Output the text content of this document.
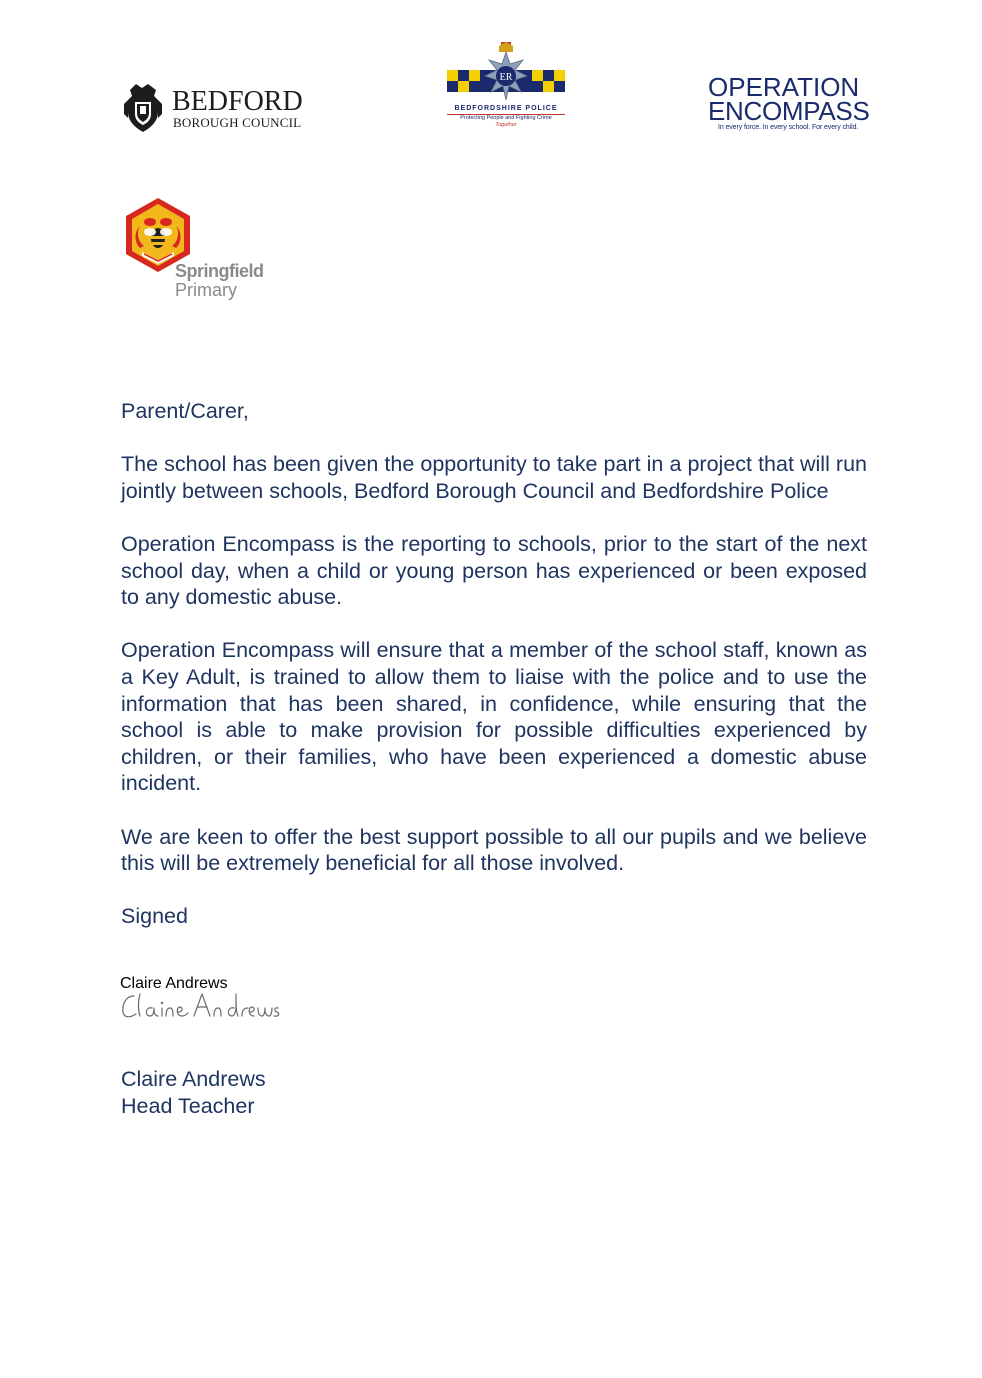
BEDFORD
BOROUGH COUNCIL
ER
BEDFORDSHIRE POLICE
Protecting People and Fighting Crime
Together
OPERATION
ENCOMPASS
In every force. In every school. For every child.
Springfield
Primary

Parent/Carer,

The school has been given the opportunity to take part in a project that will run jointly between schools, Bedford Borough Council and Bedfordshire Police

Operation Encompass is the reporting to schools, prior to the start of the next school day, when a child or young person has experienced or been exposed to any domestic abuse.

Operation Encompass will ensure that a member of the school staff, known as a Key Adult, is trained to allow them to liaise with the police and to use the information that has been shared, in confidence, while ensuring that the school is able to make provision for possible difficulties experienced by children, or their families, who have been experienced a domestic abuse incident.

We are keen to offer the best support possible to all our pupils and we believe this will be extremely beneficial for all those involved.

Signed

Claire Andrews
Claire Andrews
Head Teacher
